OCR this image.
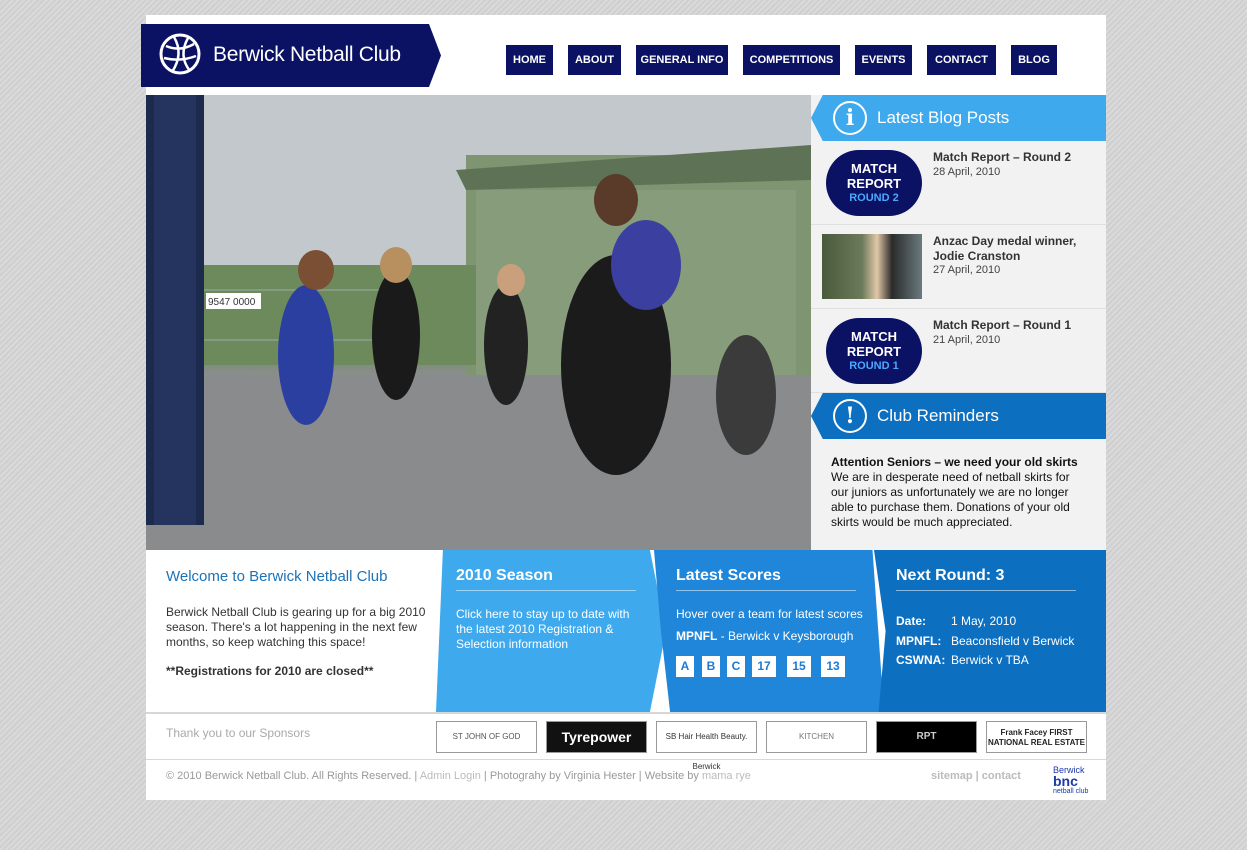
Berwick Netball Club	HOME	ABOUT	GENERAL INFO	COMPETITIONS	EVENTS	CONTACT	BLOG
9547 0000
i	Latest Blog Posts
MATCH
REPORT
ROUND 2
Match Report – Round 2
28 April, 2010
Anzac Day medal winner, Jodie Cranston
27 April, 2010
MATCH
REPORT
ROUND 1
Match Report – Round 1
21 April, 2010
!	Club Reminders
Attention Seniors – we need your old skirts
We are in desperate need of netball skirts for our juniors as unfortunately we are no longer able to purchase them. Donations of your old skirts would be much appreciated.
Welcome to Berwick Netball Club

Berwick Netball Club is gearing up for a big 2010 season. There's a lot happening in the next few months, so keep watching this space!

**Registrations for 2010 are closed**

2010 Season
Click here to stay up to date with the latest 2010 Registration & Selection information
Latest Scores
Hover over a team for latest scores
MPNFL - Berwick v Keysborough
A	B	C	17	15	13
Next Round: 3
Date: 1 May, 2010
MPNFL: Beaconsfield v Berwick
CSWNA: Berwick v TBA
Thank you to our Sponsors	ST JOHN OF GOD	Tyrepower	SB Hair Health Beauty. Berwick
KITCHEN	RPT	Frank Facey FIRST NATIONAL REAL ESTATE
© 2010 Berwick Netball Club. All Rights Reserved. | Admin Login | Photograhy by Virginia Hester | Website by mama rye	sitemap | contact	Berwick
bnc
netball club
